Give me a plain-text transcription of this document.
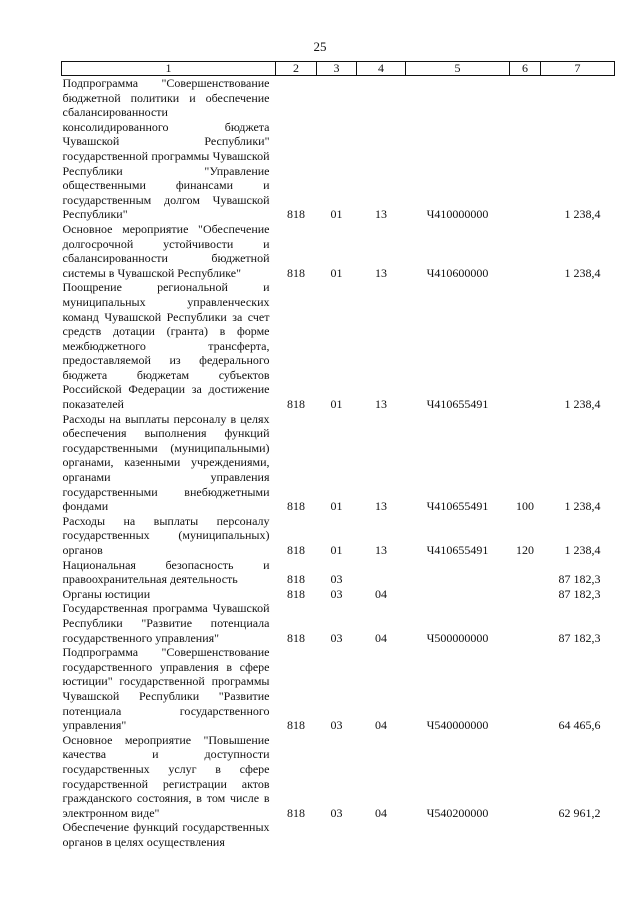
25
1	2	3	4	5	6	7
Подпрограмма "Совершенствование бюджетной политики и обеспечение сбалансированности консолидированного бюджета Чувашской Республики" государственной программы Чувашской Республики "Управление общественными финансами и государственным долгом Чувашской Республики"	818	01	13	Ч410000000		1 238,4
Основное мероприятие "Обеспечение долгосрочной устойчивости и сбалансированности бюджетной системы в Чувашской Республике"	818	01	13	Ч410600000		1 238,4
Поощрение региональной и муниципальных управленческих команд Чувашской Республики за счет средств дотации (гранта) в форме межбюджетного трансферта, предоставляемой из федерального бюджета бюджетам субъектов Российской Федерации за достижение показателей	818	01	13	Ч410655491		1 238,4
Расходы на выплаты персоналу в целях обеспечения выполнения функций государственными (муниципальными) органами, казенными учреждениями, органами управления государственными внебюджетными фондами	818	01	13	Ч410655491	100	1 238,4
Расходы на выплаты персоналу государственных (муниципальных) органов	818	01	13	Ч410655491	120	1 238,4
Национальная безопасность и правоохранительная деятельность	818	03				87 182,3
Органы юстиции	818	03	04			87 182,3
Государственная программа Чувашской Республики "Развитие потенциала государственного управления"	818	03	04	Ч500000000		87 182,3
Подпрограмма "Совершенствование государственного управления в сфере юстиции" государственной программы Чувашской Республики "Развитие потенциала государственного управления"	818	03	04	Ч540000000		64 465,6
Основное мероприятие "Повышение качества и доступности государственных услуг в сфере государственной регистрации актов гражданского состояния, в том числе в электронном виде"	818	03	04	Ч540200000		62 961,2
Обеспечение функций государственных органов в целях осуществления						
